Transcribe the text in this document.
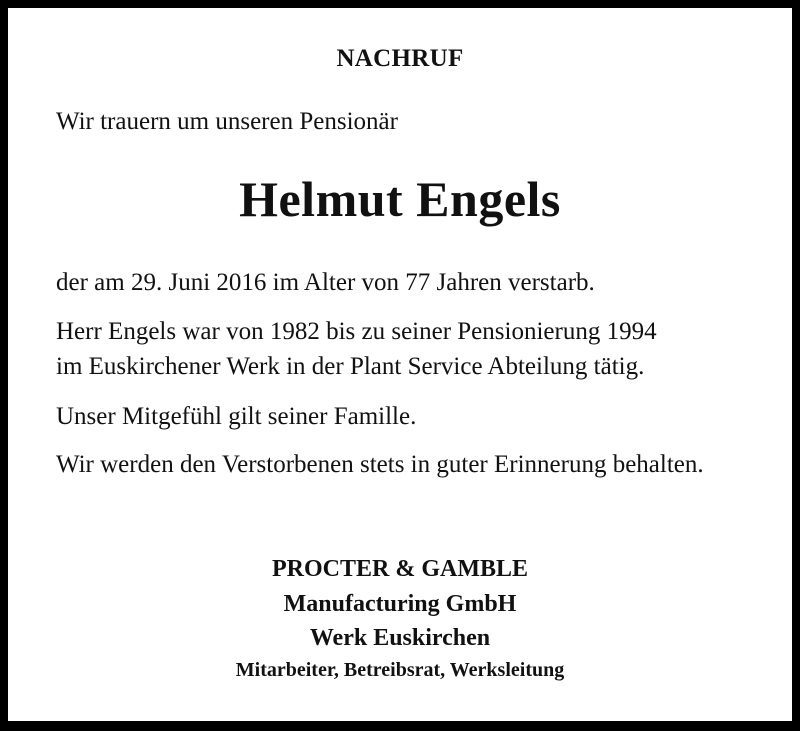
NACHRUF
Wir trauern um unseren Pensionär
Helmut Engels
der am 29. Juni 2016 im Alter von 77 Jahren verstarb.
Herr Engels war von 1982 bis zu seiner Pensionierung 1994
im Euskirchener Werk in der Plant Service Abteilung tätig.
Unser Mitgefühl gilt seiner Famille.
Wir werden den Verstorbenen stets in guter Erinnerung behalten.
PROCTER & GAMBLE
Manufacturing GmbH
Werk Euskirchen
Mitarbeiter, Betreibsrat, Werksleitung
